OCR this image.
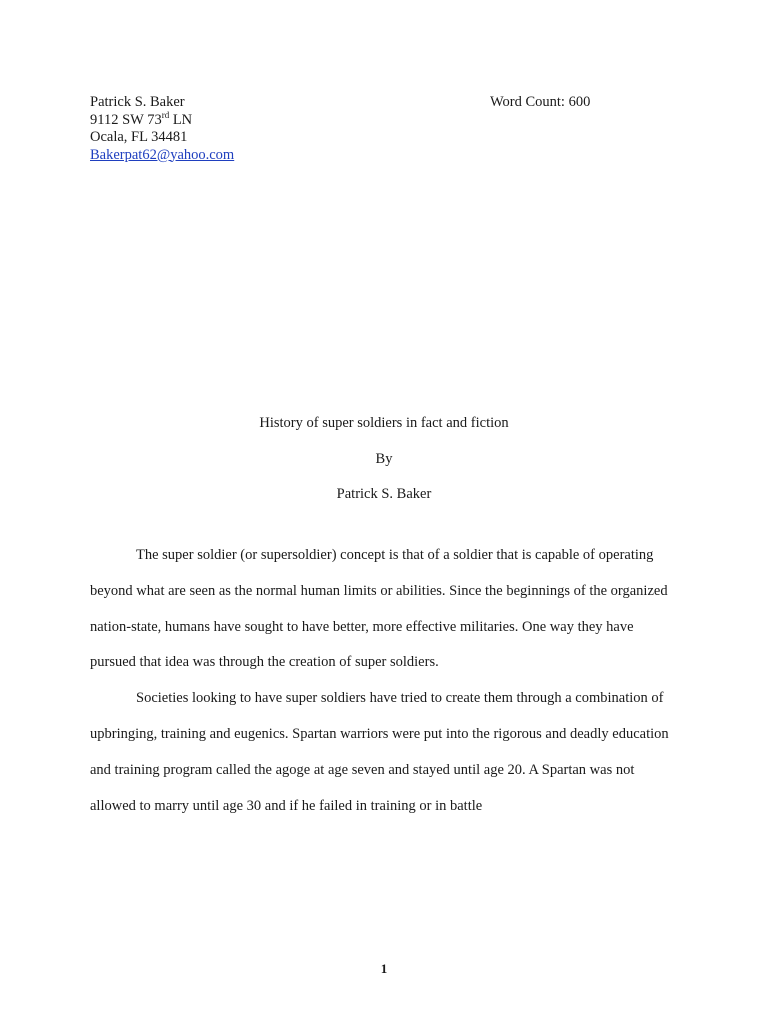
Patrick S. Baker
9112 SW 73rd LN
Ocala, FL 34481
Bakerpat62@yahoo.com
Word Count: 600
History of super soldiers in fact and fiction
By
Patrick S. Baker

The super soldier (or supersoldier) concept is that of a soldier that is capable of operating beyond what are seen as the normal human limits or abilities. Since the beginnings of the organized nation-state, humans have sought to have better, more effective militaries. One way they have pursued that idea was through the creation of super soldiers.

Societies looking to have super soldiers have tried to create them through a combination of upbringing, training and eugenics. Spartan warriors were put into the rigorous and deadly education and training program called the agoge at age seven and stayed until age 20. A Spartan was not allowed to marry until age 30 and if he failed in training or in battle

1
